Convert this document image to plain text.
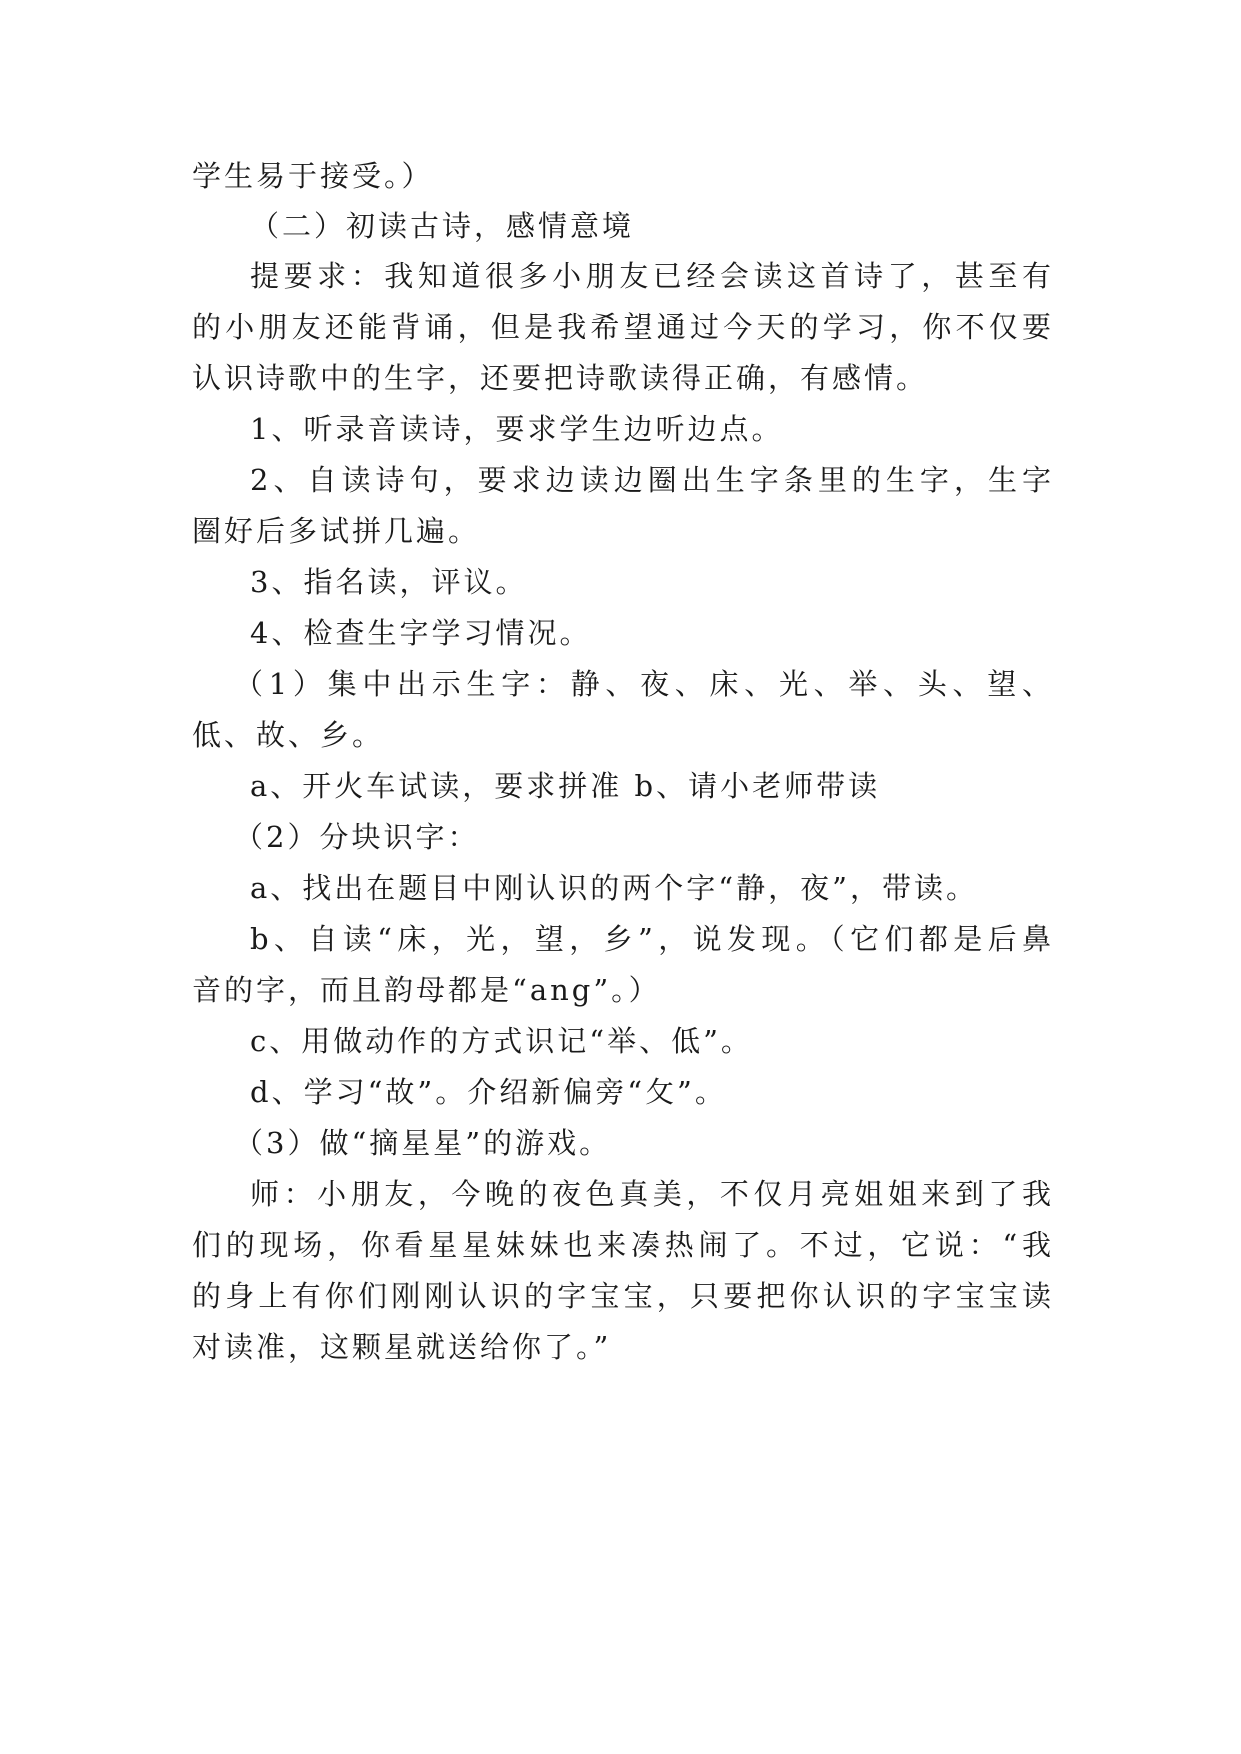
学生易于接受。）
（二）初读古诗，感情意境
提要求：我知道很多小朋友已经会读这首诗了，甚至有
的小朋友还能背诵，但是我希望通过今天的学习，你不仅要
认识诗歌中的生字，还要把诗歌读得正确，有感情。
1、听录音读诗，要求学生边听边点。
2、自读诗句，要求边读边圈出生字条里的生字，生字
圈好后多试拼几遍。
3、指名读，评议。
4、检查生字学习情况。
（1）集中出示生字：静、夜、床、光、举、头、望、
低、故、乡。
a、开火车试读，要求拼准 b、请小老师带读
（2）分块识字：
a、找出在题目中刚认识的两个字“静，夜”，带读。
b、自读“床，光，望，乡”，说发现。（它们都是后鼻
音的字，而且韵母都是“ang”。）
c、用做动作的方式识记“举、低”。
d、学习“故”。介绍新偏旁“攵”。
（3）做“摘星星”的游戏。
师：小朋友，今晚的夜色真美，不仅月亮姐姐来到了我
们的现场，你看星星妹妹也来凑热闹了。不过，它说：“我
的身上有你们刚刚认识的字宝宝，只要把你认识的字宝宝读
对读准，这颗星就送给你了。”
